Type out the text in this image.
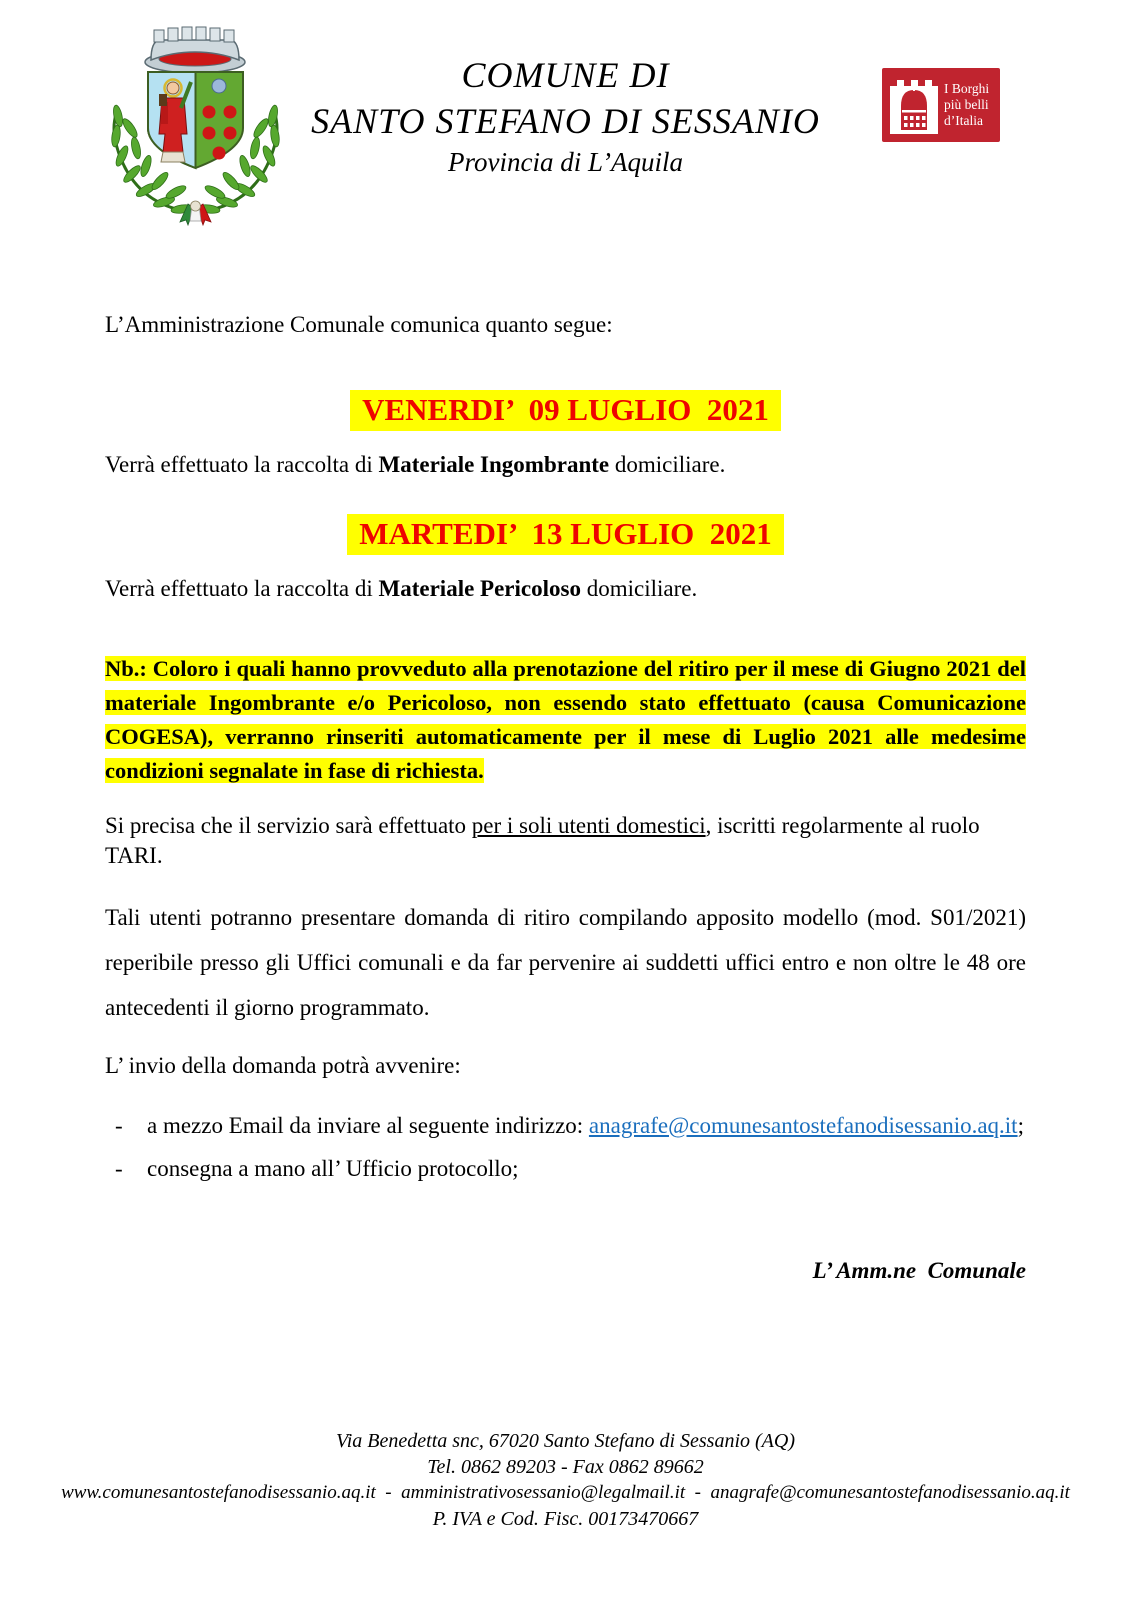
COMUNE DI
SANTO STEFANO DI SESSANIO
Provincia di L’Aquila
I Borghi
più belli
d’Italia

L’Amministrazione Comunale comunica quanto segue:

VENERDI’  09 LUGLIO  2021

Verrà effettuato la raccolta di Materiale Ingombrante domiciliare.

MARTEDI’  13 LUGLIO  2021

Verrà effettuato la raccolta di Materiale Pericoloso domiciliare.

Nb.: Coloro i quali hanno provveduto alla prenotazione del ritiro per il mese di Giugno 2021 del materiale Ingombrante e/o Pericoloso, non essendo stato effettuato (causa Comunicazione COGESA), verranno rinseriti automaticamente per il mese di Luglio 2021 alle medesime condizioni segnalate in fase di richiesta.

Si precisa che il servizio sarà effettuato per i soli utenti domestici, iscritti regolarmente al ruolo TARI.

Tali utenti potranno presentare domanda di ritiro compilando apposito modello (mod. S01/2021) reperibile presso gli Uffici comunali e da far pervenire ai suddetti uffici entro e non oltre le 48 ore antecedenti il giorno programmato.

L’ invio della domanda potrà avvenire:

-	a mezzo Email da inviare al seguente indirizzo: anagrafe@comunesantostefanodisessanio.aq.it;
-	consegna a mano all’ Ufficio protocollo;

L’ Amm.ne  Comunale

Via Benedetta snc, 67020 Santo Stefano di Sessanio (AQ)
Tel. 0862 89203 - Fax 0862 89662
www.comunesantostefanodisessanio.aq.it  -  amministrativosessanio@legalmail.it  -  anagrafe@comunesantostefanodisessanio.aq.it
P. IVA e Cod. Fisc. 00173470667
